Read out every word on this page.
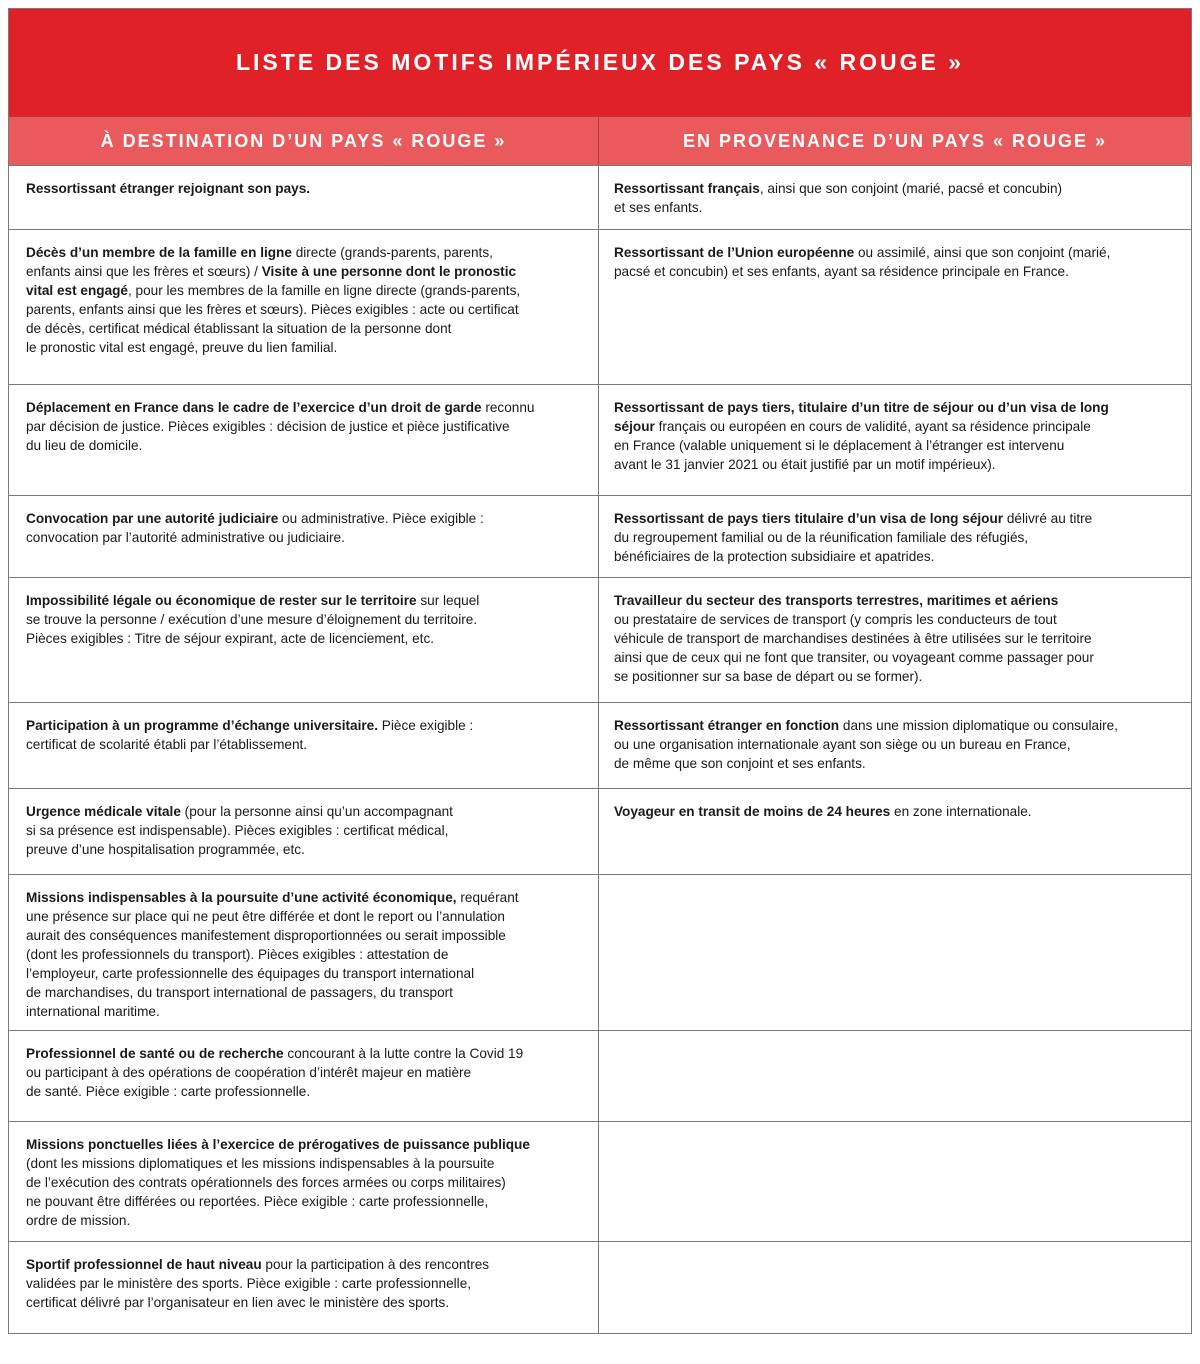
LISTE DES MOTIFS IMPÉRIEUX DES PAYS « ROUGE »
À DESTINATION D’UN PAYS « ROUGE »	EN PROVENANCE D’UN PAYS « ROUGE »
Ressortissant étranger rejoignant son pays.	Ressortissant français, ainsi que son conjoint (marié, pacsé et concubin)
et ses enfants.
Décès d’un membre de la famille en ligne directe (grands-parents, parents,
enfants ainsi que les frères et sœurs) / Visite à une personne dont le pronostic
vital est engagé, pour les membres de la famille en ligne directe (grands-parents,
parents, enfants ainsi que les frères et sœurs). Pièces exigibles : acte ou certificat
de décès, certificat médical établissant la situation de la personne dont
le pronostic vital est engagé, preuve du lien familial.
Ressortissant de l’Union européenne ou assimilé, ainsi que son conjoint (marié,
pacsé et concubin) et ses enfants, ayant sa résidence principale en France.
Déplacement en France dans le cadre de l’exercice d’un droit de garde reconnu
par décision de justice. Pièces exigibles : décision de justice et pièce justificative
du lieu de domicile.
Ressortissant de pays tiers, titulaire d’un titre de séjour ou d’un visa de long
séjour français ou européen en cours de validité, ayant sa résidence principale
en France (valable uniquement si le déplacement à l’étranger est intervenu
avant le 31 janvier 2021 ou était justifié par un motif impérieux).
Convocation par une autorité judiciaire ou administrative. Pièce exigible :
convocation par l’autorité administrative ou judiciaire.
Ressortissant de pays tiers titulaire d’un visa de long séjour délivré au titre
du regroupement familial ou de la réunification familiale des réfugiés,
bénéficiaires de la protection subsidiaire et apatrides.
Impossibilité légale ou économique de rester sur le territoire sur lequel
se trouve la personne / exécution d’une mesure d’éloignement du territoire.
Pièces exigibles : Titre de séjour expirant, acte de licenciement, etc.
Travailleur du secteur des transports terrestres, maritimes et aériens
ou prestataire de services de transport (y compris les conducteurs de tout
véhicule de transport de marchandises destinées à être utilisées sur le territoire
ainsi que de ceux qui ne font que transiter, ou voyageant comme passager pour
se positionner sur sa base de départ ou se former).
Participation à un programme d’échange universitaire. Pièce exigible :
certificat de scolarité établi par l’établissement.
Ressortissant étranger en fonction dans une mission diplomatique ou consulaire,
ou une organisation internationale ayant son siège ou un bureau en France,
de même que son conjoint et ses enfants.
Urgence médicale vitale (pour la personne ainsi qu’un accompagnant
si sa présence est indispensable). Pièces exigibles : certificat médical,
preuve d’une hospitalisation programmée, etc.
Voyageur en transit de moins de 24 heures en zone internationale.
Missions indispensables à la poursuite d’une activité économique, requérant
une présence sur place qui ne peut être différée et dont le report ou l’annulation
aurait des conséquences manifestement disproportionnées ou serait impossible
(dont les professionnels du transport). Pièces exigibles : attestation de
l’employeur, carte professionnelle des équipages du transport international
de marchandises, du transport international de passagers, du transport
international maritime.
Professionnel de santé ou de recherche concourant à la lutte contre la Covid 19
ou participant à des opérations de coopération d’intérêt majeur en matière
de santé. Pièce exigible : carte professionnelle.
Missions ponctuelles liées à l’exercice de prérogatives de puissance publique
(dont les missions diplomatiques et les missions indispensables à la poursuite
de l’exécution des contrats opérationnels des forces armées ou corps militaires)
ne pouvant être différées ou reportées. Pièce exigible : carte professionnelle,
ordre de mission.
Sportif professionnel de haut niveau pour la participation à des rencontres
validées par le ministère des sports. Pièce exigible : carte professionnelle,
certificat délivré par l’organisateur en lien avec le ministère des sports.
